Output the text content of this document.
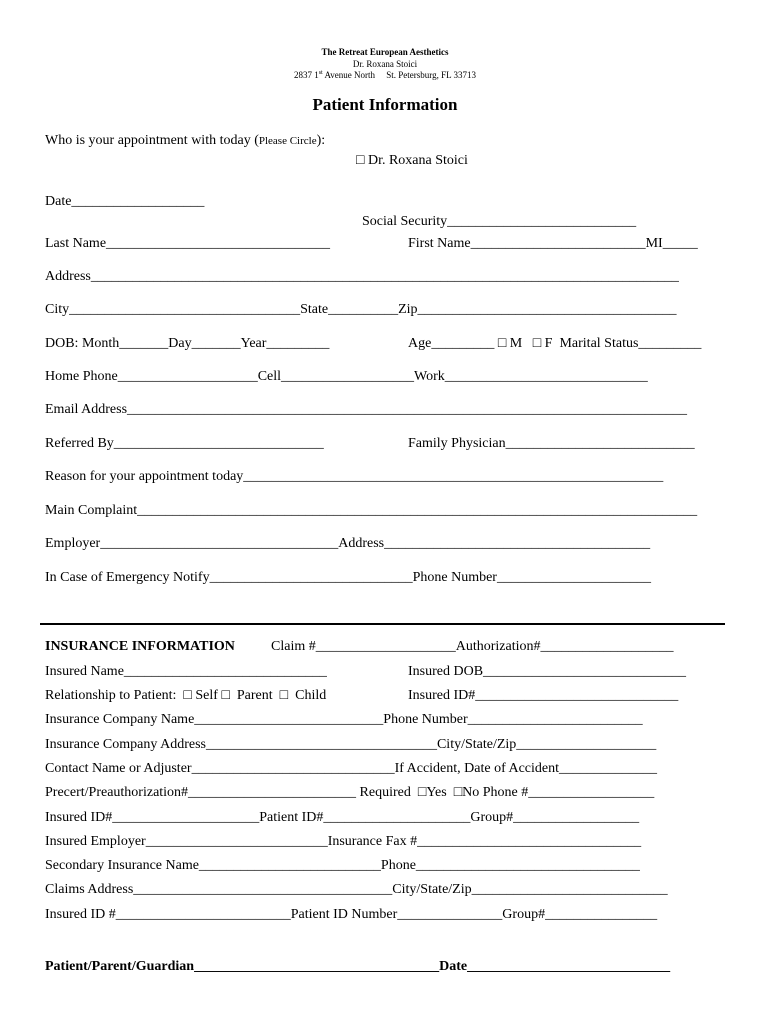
The Retreat European Aesthetics
Dr. Roxana Stoici
2837 1st Avenue North     St. Petersburg, FL 33713
Patient Information
Who is your appointment with today (Please Circle):
□ Dr. Roxana Stoici
Date___________________
Social Security___________________________
Last Name________________________________	First Name_________________________MI_____
Address____________________________________________________________________________________
City_________________________________State__________Zip_____________________________________
DOB: Month_______Day_______Year_________	Age_________ □ M   □ F  Marital Status_________
Home Phone____________________Cell___________________Work_____________________________
Email Address________________________________________________________________________________
Referred By______________________________	Family Physician___________________________
Reason for your appointment today____________________________________________________________
Main Complaint________________________________________________________________________________
Employer__________________________________Address______________________________________
In Case of Emergency Notify_____________________________Phone Number______________________
INSURANCE INFORMATION	Claim #____________________Authorization#___________________
Insured Name_____________________________	Insured DOB_____________________________
Relationship to Patient:  □ Self □  Parent  □  Child	Insured ID#_____________________________
Insurance Company Name___________________________Phone Number_________________________
Insurance Company Address_________________________________City/State/Zip____________________
Contact Name or Adjuster_____________________________If Accident, Date of Accident______________
Precert/Preauthorization#________________________ Required  □Yes  □No Phone #__________________
Insured ID#_____________________Patient ID#_____________________Group#__________________
Insured Employer__________________________Insurance Fax #________________________________
Secondary Insurance Name__________________________Phone________________________________
Claims Address_____________________________________City/State/Zip____________________________
Insured ID #_________________________Patient ID Number_______________Group#________________
Patient/Parent/Guardian___________________________________Date_____________________________
